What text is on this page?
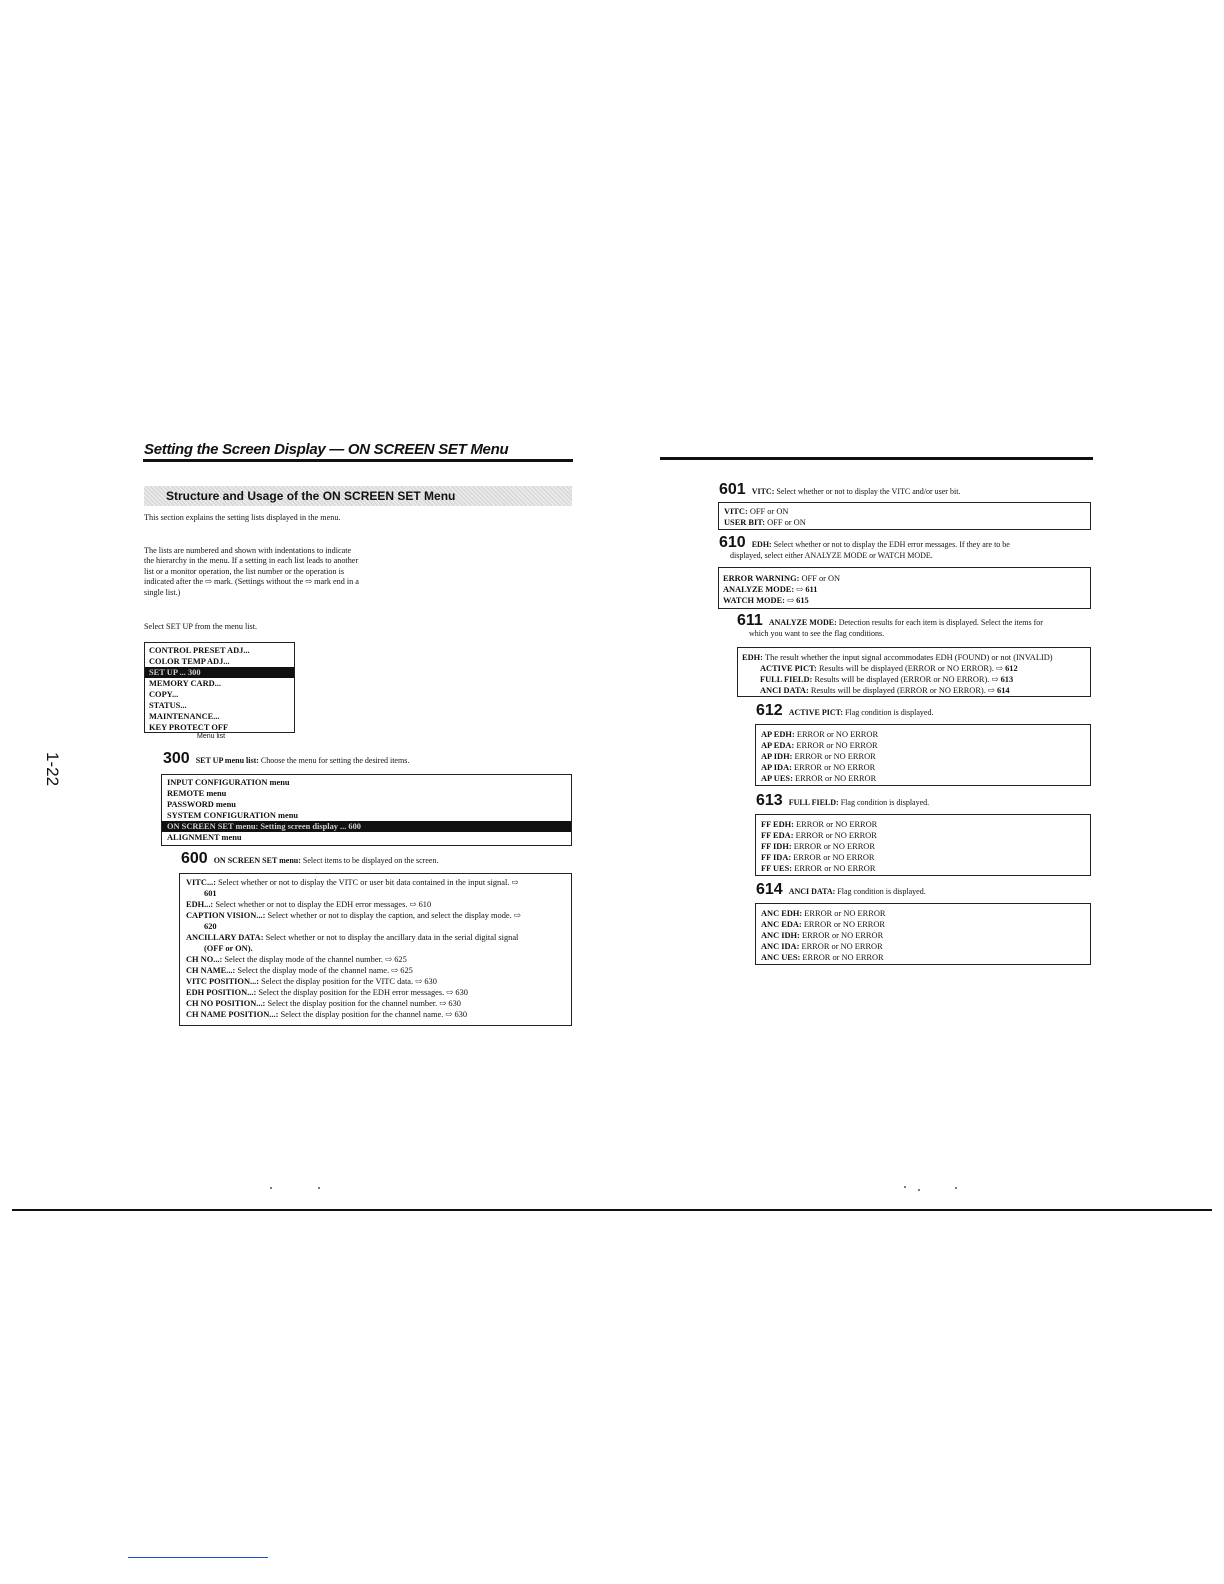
Setting the Screen Display — ON SCREEN SET Menu
Structure and Usage of the ON SCREEN SET Menu
This section explains the setting lists displayed in the menu.
The lists are numbered and shown with indentations to indicate the hierarchy in the menu. If a setting in each list leads to another list or a monitor operation, the list number or the operation is indicated after the ⇨ mark. (Settings without the ⇨ mark end in a single list.)
Select SET UP from the menu list.
CONTROL PRESET ADJ...
COLOR TEMP ADJ...
SET UP ... 300
MEMORY CARD...
COPY...
STATUS...
MAINTENANCE...
KEY PROTECT OFF
Menu list
300 SET UP menu list: Choose the menu for setting the desired items.
INPUT CONFIGURATION menu
REMOTE menu
PASSWORD menu
SYSTEM CONFIGURATION menu
ON SCREEN SET menu: Setting screen display ... 600
ALIGNMENT menu
600 ON SCREEN SET menu: Select items to be displayed on the screen.
VITC...: Select whether or not to display the VITC or user bit data contained in the input signal. ⇨
601
EDH...: Select whether or not to display the EDH error messages. ⇨ 610
CAPTION VISION...: Select whether or not to display the caption, and select the display mode. ⇨
620
ANCILLARY DATA: Select whether or not to display the ancillary data in the serial digital signal
(OFF or ON).
CH NO...: Select the display mode of the channel number. ⇨ 625
CH NAME...: Select the display mode of the channel name. ⇨ 625
VITC POSITION...: Select the display position for the VITC data. ⇨ 630
EDH POSITION...: Select the display position for the EDH error messages. ⇨ 630
CH NO POSITION...: Select the display position for the channel number. ⇨ 630
CH NAME POSITION...: Select the display position for the channel name. ⇨ 630
1-22
601 VITC: Select whether or not to display the VITC and/or user bit.
VITC: OFF or ON
USER BIT: OFF or ON
610 EDH: Select whether or not to display the EDH error messages. If they are to be
displayed, select either ANALYZE MODE or WATCH MODE.
ERROR WARNING: OFF or ON
ANALYZE MODE: ⇨ 611
WATCH MODE: ⇨ 615
611 ANALYZE MODE: Detection results for each item is displayed. Select the items for
which you want to see the flag conditions.
EDH: The result whether the input signal accommodates EDH (FOUND) or not (INVALID)
ACTIVE PICT: Results will be displayed (ERROR or NO ERROR). ⇨ 612
FULL FIELD: Results will be displayed (ERROR or NO ERROR). ⇨ 613
ANCI DATA: Results will be displayed (ERROR or NO ERROR). ⇨ 614
612 ACTIVE PICT: Flag condition is displayed.
AP EDH: ERROR or NO ERROR
AP EDA: ERROR or NO ERROR
AP IDH: ERROR or NO ERROR
AP IDA: ERROR or NO ERROR
AP UES: ERROR or NO ERROR
613 FULL FIELD: Flag condition is displayed.
FF EDH: ERROR or NO ERROR
FF EDA: ERROR or NO ERROR
FF IDH: ERROR or NO ERROR
FF IDA: ERROR or NO ERROR
FF UES: ERROR or NO ERROR
614 ANCI DATA: Flag condition is displayed.
ANC EDH: ERROR or NO ERROR
ANC EDA: ERROR or NO ERROR
ANC IDH: ERROR or NO ERROR
ANC IDA: ERROR or NO ERROR
ANC UES: ERROR or NO ERROR
